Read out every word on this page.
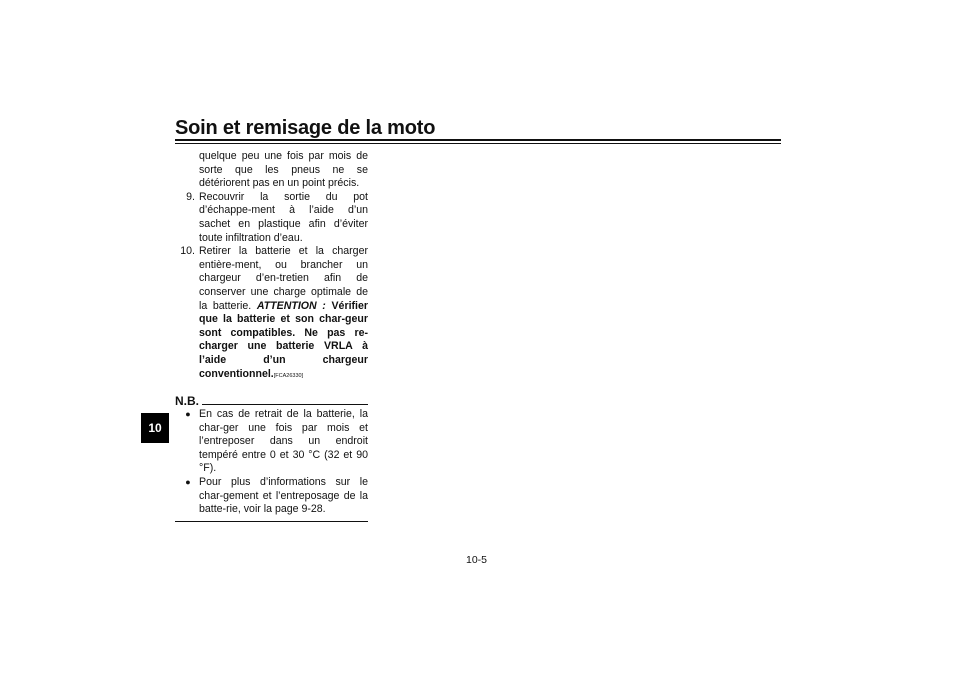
Soin et remisage de la moto
10

quelque peu une fois par mois de sorte que les pneus ne se détériorent pas en un point précis.

9. Recouvrir la sortie du pot d’échappe-ment à l’aide d’un sachet en plastique afin d’éviter toute infiltration d’eau.
10. Retirer la batterie et la charger entière-ment, ou brancher un chargeur d’en-tretien afin de conserver une charge optimale de la batterie. ATTENTION : Vérifier que la batterie et son char-geur sont compatibles. Ne pas re-charger une batterie VRLA à l’aide d’un chargeur conventionnel.[FCA26330]
N.B.
● En cas de retrait de la batterie, la char-ger une fois par mois et l’entreposer dans un endroit tempéré entre 0 et 30 °C (32 et 90 °F).
● Pour plus d’informations sur le char-gement et l’entreposage de la batte-rie, voir la page 9-28.
10-5
